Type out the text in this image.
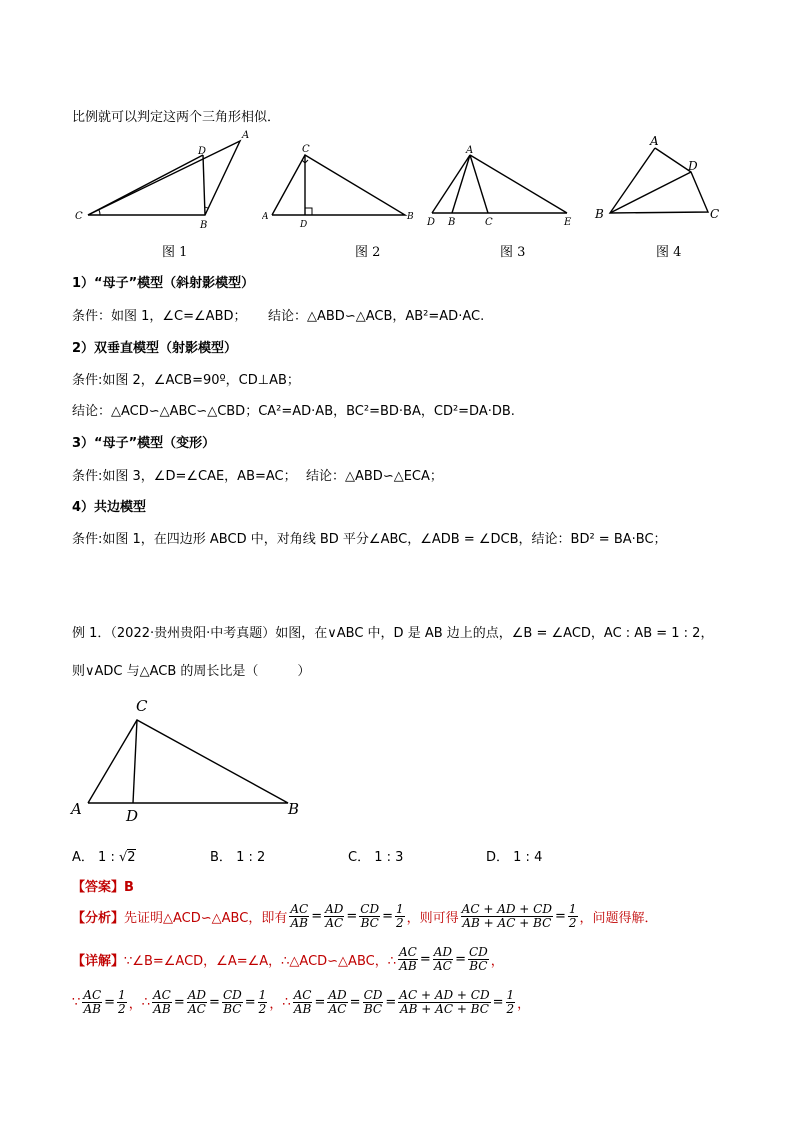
比例就可以判定这两个三角形相似．
A
D
C
B
图 1
C
A
D
B
图 2
A
D B	C	E
图 3
A
D
B	C
图 4
1）“母子”模型（斜射影模型）
条件：如图 1，∠C=∠ABD； 结论：△ABD∽△ACB，AB²=AD·AC.
2）双垂直模型（射影模型）
条件:如图 2，∠ACB=90º，CD⊥AB；
结论：△ACD∽△ABC∽△CBD；CA²=AD·AB，BC²=BD·BA，CD²=DA·DB.
3）“母子”模型（变形）
条件:如图 3，∠D=∠CAE，AB=AC； 结论：△ABD∽△ECA；
4）共边模型
条件:如图 1，在四边形 ABCD 中，对角线 BD 平分∠ABC，∠ADB = ∠DCB，结论：BD² = BA·BC；
例 1．（2022·贵州贵阳·中考真题）如图，在∨ABC 中，D 是 AB 边上的点，∠B = ∠ACD，AC : AB = 1 : 2，
则∨ADC 与△ACB 的周长比是（　　　）
C
A	D	B
A． 1 : √2	B． 1 : 2	C． 1 : 3	D． 1 : 4
【答案】B
【分析】 先证明△ACD∽△ABC，即有 $\frac{AC}{AB} = \frac{AD}{AC} = \frac{CD}{BC} = \frac{1}{2}$ ，则可得 $\frac{AC + AD + CD}{AB + AC + BC} = \frac{1}{2}$ ，问题得解．
【详解】 ∵∠B=∠ACD，∠A=∠A，∴△ACD∽△ABC，∴ $\frac{AC}{AB} = \frac{AD}{AC} = \frac{CD}{BC}$ ，
∵ $\frac{AC}{AB} = \frac{1}{2}$ ， ∴ $\frac{AC}{AB} = \frac{AD}{AC} = \frac{CD}{BC} = \frac{1}{2}$ ， ∴ $\frac{AC}{AB} = \frac{AD}{AC} = \frac{CD}{BC} = \frac{AC + AD + CD}{AB + AC + BC} = \frac{1}{2}$ ，
